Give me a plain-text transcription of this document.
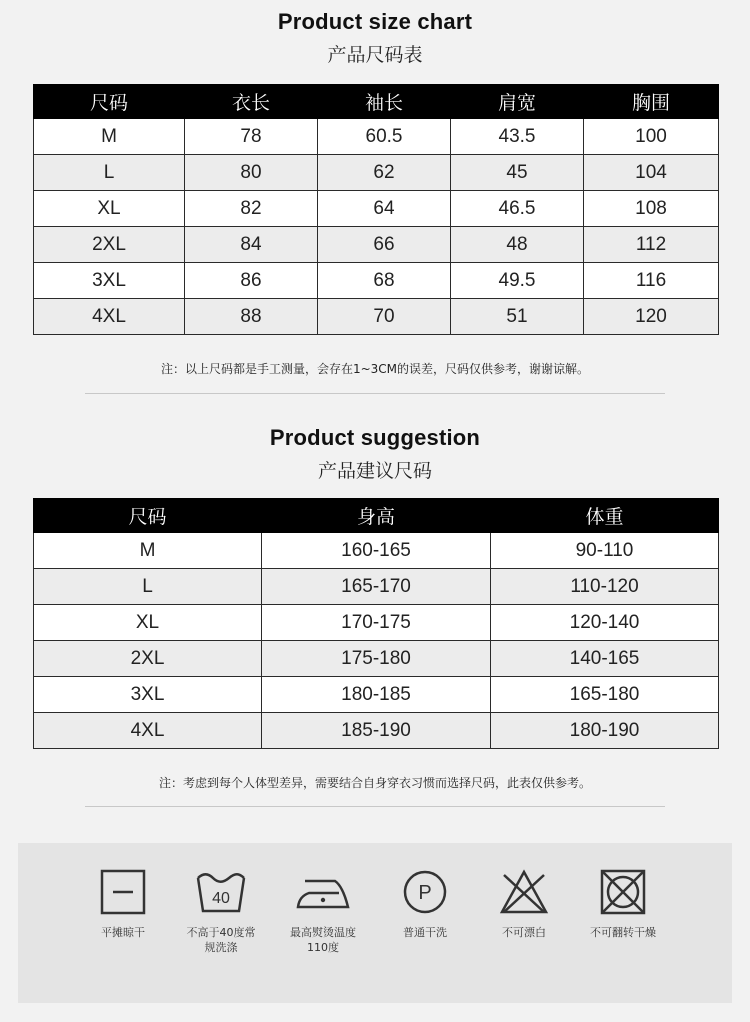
Product size chart
产品尺码表
尺码	衣长	袖长	肩宽	胸围
M	78	60.5	43.5	100
L	80	62	45	104
XL	82	64	46.5	108
2XL	84	66	48	112
3XL	86	68	49.5	116
4XL	88	70	51	120
注：以上尺码都是手工测量，会存在1~3CM的误差，尺码仅供参考，谢谢谅解。
Product suggestion
产品建议尺码
尺码	身高	体重
M	160-165	90-110
L	165-170	110-120
XL	170-175	120-140
2XL	175-180	140-165
3XL	180-185	165-180
4XL	185-190	180-190
注：考虑到每个人体型差异，需要结合自身穿衣习惯而选择尺码，此表仅供参考。
平摊晾干
40
不高于40度常规洗涤
最高熨烫温度110度
P
普通干洗	不可漂白	不可翻转干燥
